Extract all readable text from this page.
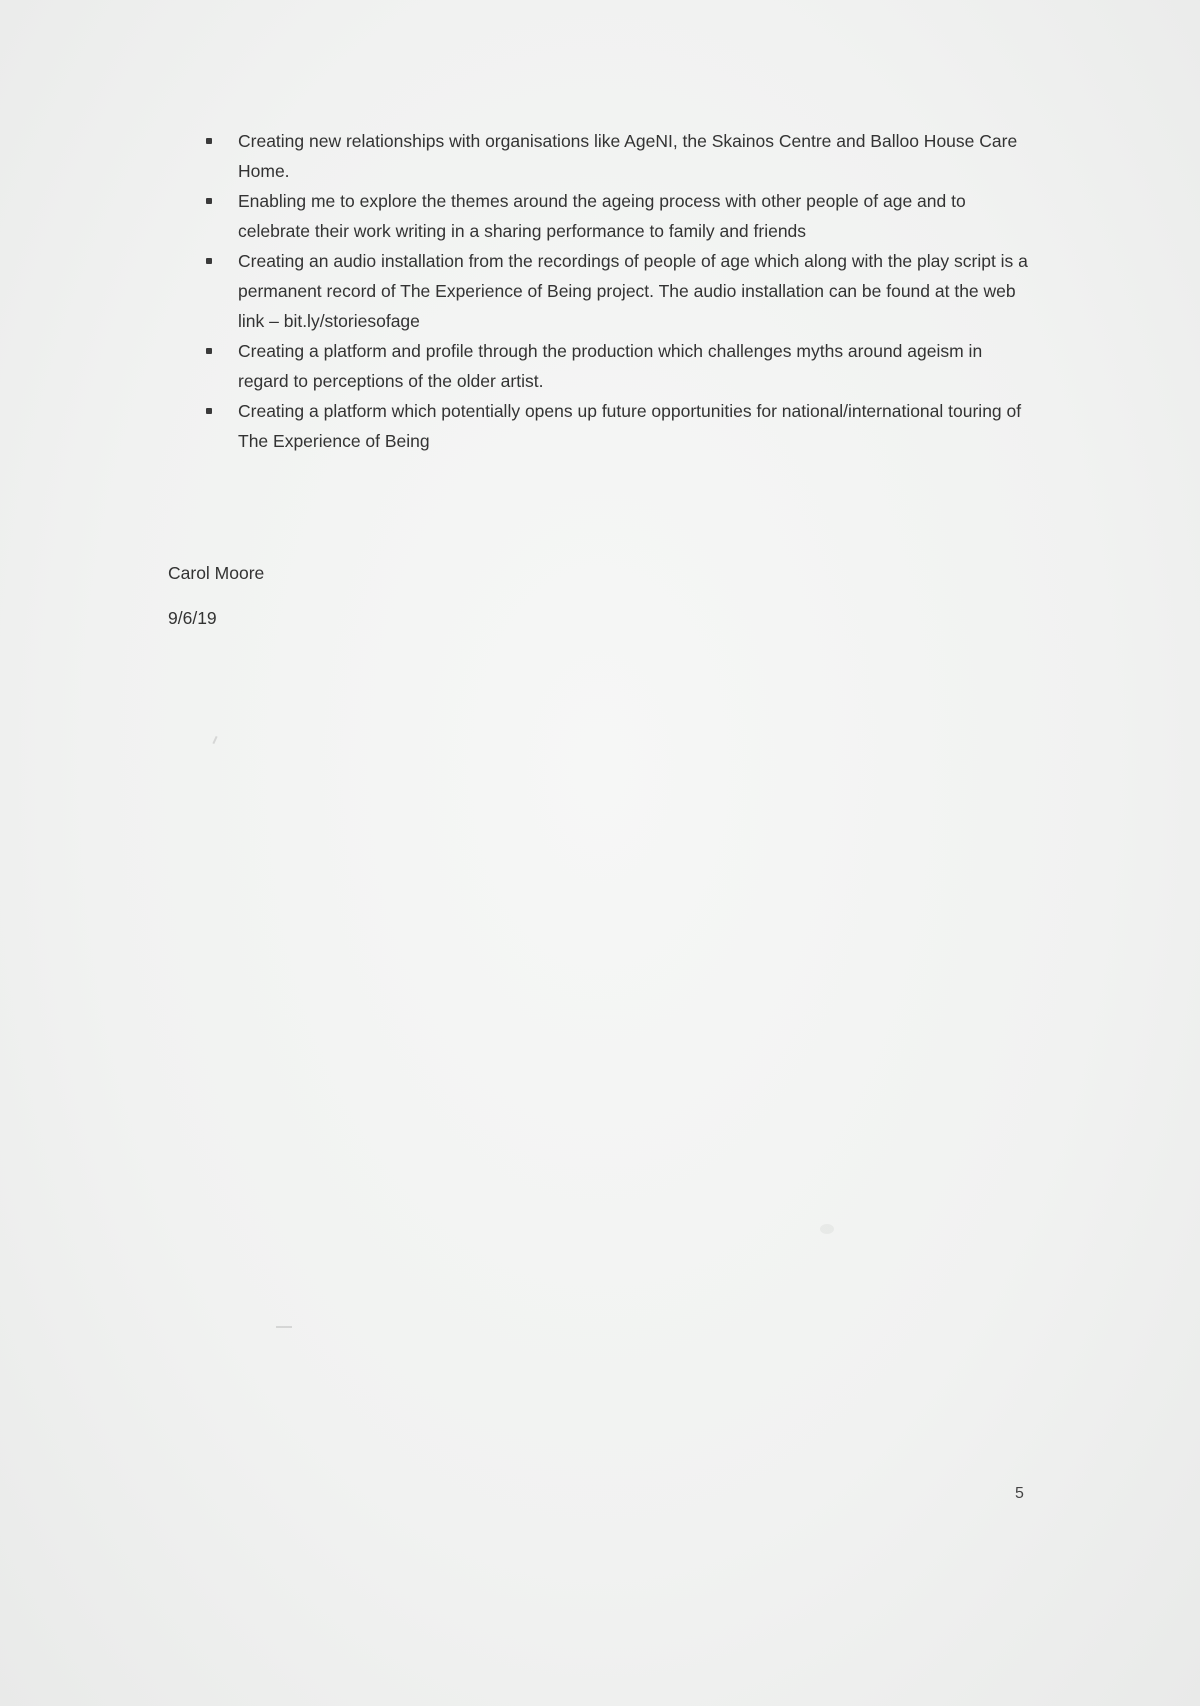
Creating new relationships with organisations like AgeNI, the Skainos Centre and Balloo House Care Home.
Enabling me to explore the themes around the ageing process with other people of age and to celebrate their work writing in a sharing performance to family and friends
Creating an audio installation from the recordings of people of age which along with the play script is a permanent record of The Experience of Being project. The audio installation can be found at the web link – bit.ly/storiesofage
Creating a platform and profile through the production which challenges myths around ageism in regard to perceptions of the older artist.
Creating a platform which potentially opens up future opportunities for national/international touring of The Experience of Being
Carol Moore
9/6/19
5
